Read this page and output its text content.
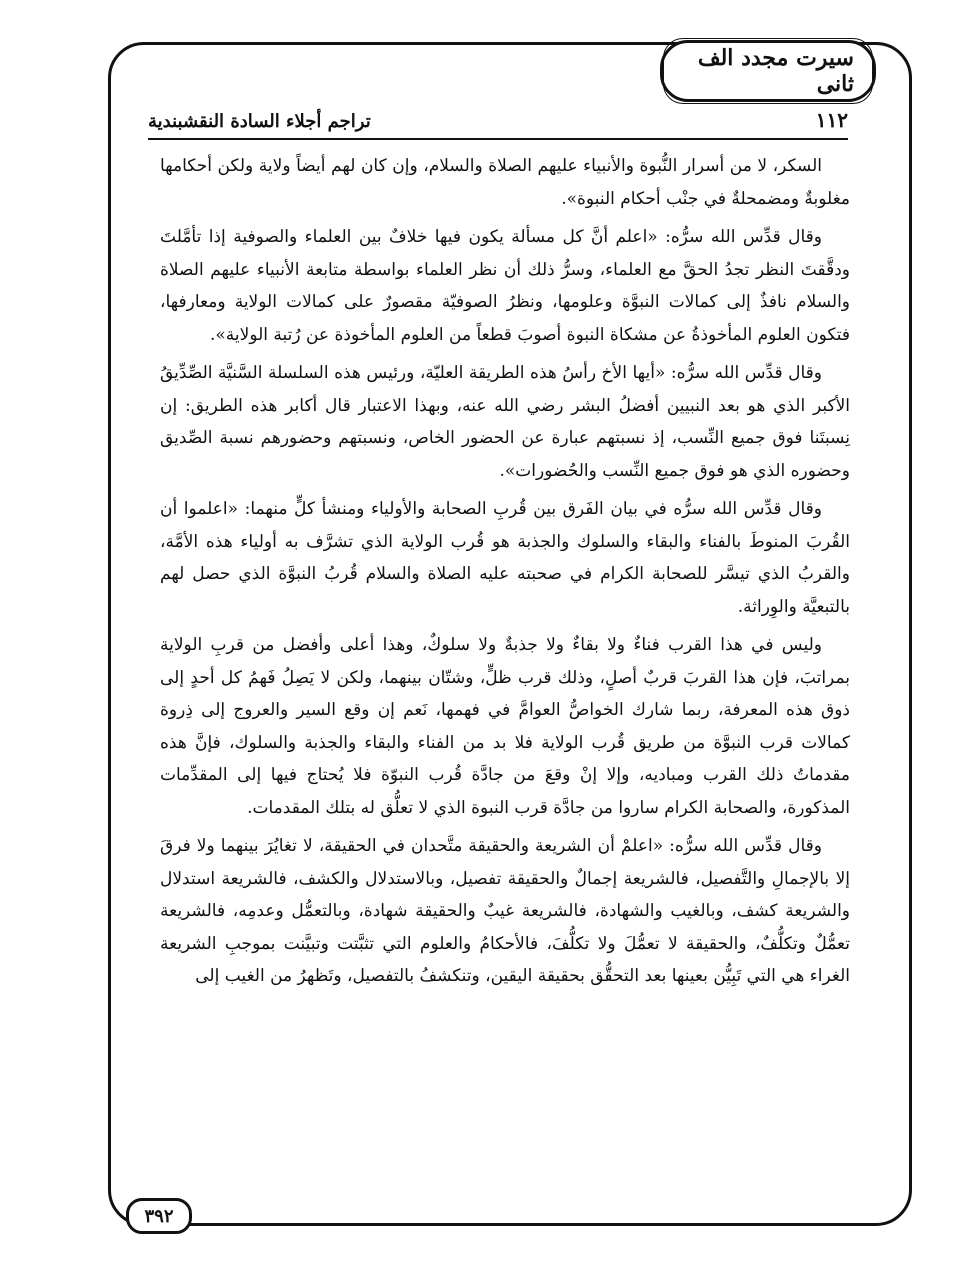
سیرت مجدد الف ثانی
١١٢
تراجم أجلاء السادة النقشبندية

السكر، لا من أسرار النُّبوة والأنبياء عليهم الصلاة والسلام، وإن كان لهم أيضاً ولاية ولكن أحكامها مغلوبةٌ ومضمحلةٌ في جنْب أحكام النبوة».

وقال قدِّس الله سرُّه: «اعلم أنَّ كل مسألة يكون فيها خلافٌ بين العلماء والصوفية إذا تأمَّلتَ ودقَّقتَ النظر تجدُ الحقَّ مع العلماء، وسرُّ ذلك أن نظر العلماء بواسطة متابعة الأنبياء عليهم الصلاة والسلام نافذٌ إلى كمالات النبوَّة وعلومها، ونظرُ الصوفيّة مقصورٌ على كمالات الولاية ومعارفها، فتكون العلوم المأخوذةُ عن مشكاة النبوة أصوبَ قطعاً من العلوم المأخوذة عن رُتبة الولاية».

وقال قدِّس الله سرُّه: «أيها الأخ رأسُ هذه الطريقة العليّة، ورئيس هذه السلسلة السَّنيَّة الصِّدِّيقُ الأكبر الذي هو بعد النبيين أفضلُ البشر رضي الله عنه، وبهذا الاعتبار قال أكابر هذه الطريق: إن نِسبتَنا فوق جميع النِّسب، إذ نسبتهم عبارة عن الحضور الخاص، ونسبتهم وحضورهم نسبة الصِّديق وحضوره الذي هو فوق جميع النِّسب والحُضورات».

وقال قدِّس الله سرُّه في بيان الفَرق بين قُربِ الصحابة والأولياء ومنشأ كلٍّ منهما: «اعلموا أن القُربَ المنوطَ بالفناء والبقاء والسلوك والجذبة هو قُرب الولاية الذي تشرَّف به أولياء هذه الأمَّة، والقربُ الذي تيسَّر للصحابة الكرام في صحبته عليه الصلاة والسلام قُربُ النبوَّة الذي حصل لهم بالتبعيَّة والوِراثة.

وليس في هذا القرب فناءٌ ولا بقاءٌ ولا جذبةٌ ولا سلوكٌ، وهذا أعلى وأفضل من قربِ الولاية بمراتبَ، فإن هذا القربَ قربٌ أصلٍ، وذلك قرب ظلٍّ، وشتّان بينهما، ولكن لا يَصِلُ فَهمُ كل أحدٍ إلى ذوق هذه المعرفة، ربما شارك الخواصُّ العوامَّ في فهمها، نَعم إن وقع السير والعروج إلى ذِروة كمالات قرب النبوَّة من طريق قُرب الولاية فلا بد من الفناء والبقاء والجذبة والسلوك، فإنَّ هذه مقدماتُ ذلك القرب ومباديه، وإلا إنْ وقعَ من جادَّة قُرب النبوّة فلا يُحتاج فيها إلى المقدِّمات المذكورة، والصحابة الكرام ساروا من جادَّة قرب النبوة الذي لا تعلُّق له بتلك المقدمات.

وقال قدِّس الله سرُّه: «اعلمْ أن الشريعة والحقيقة متَّحدان في الحقيقة، لا تغايُرَ بينهما ولا فرقَ إلا بالإجمالِ والتَّفصيل، فالشريعة إجمالٌ والحقيقة تفصيل، وبالاستدلال والكشف، فالشريعة استدلال والشريعة كشف، وبالغيب والشهادة، فالشريعة غيبٌ والحقيقة شهادة، وبالتعمُّل وعدمِه، فالشريعة تعمُّلٌ وتكلُّفٌ، والحقيقة لا تعمُّلَ ولا تكلُّفَ، فالأحكامُ والعلوم التي تثبَّتت وتبيَّنت بموجبِ الشريعة الغراء هي التي تَبِيُّن بعينها بعد التحقُّق بحقيقة اليقين، وتنكشفُ بالتفصيل، وتَظهرُ من الغيب إلى

٣٩٢
